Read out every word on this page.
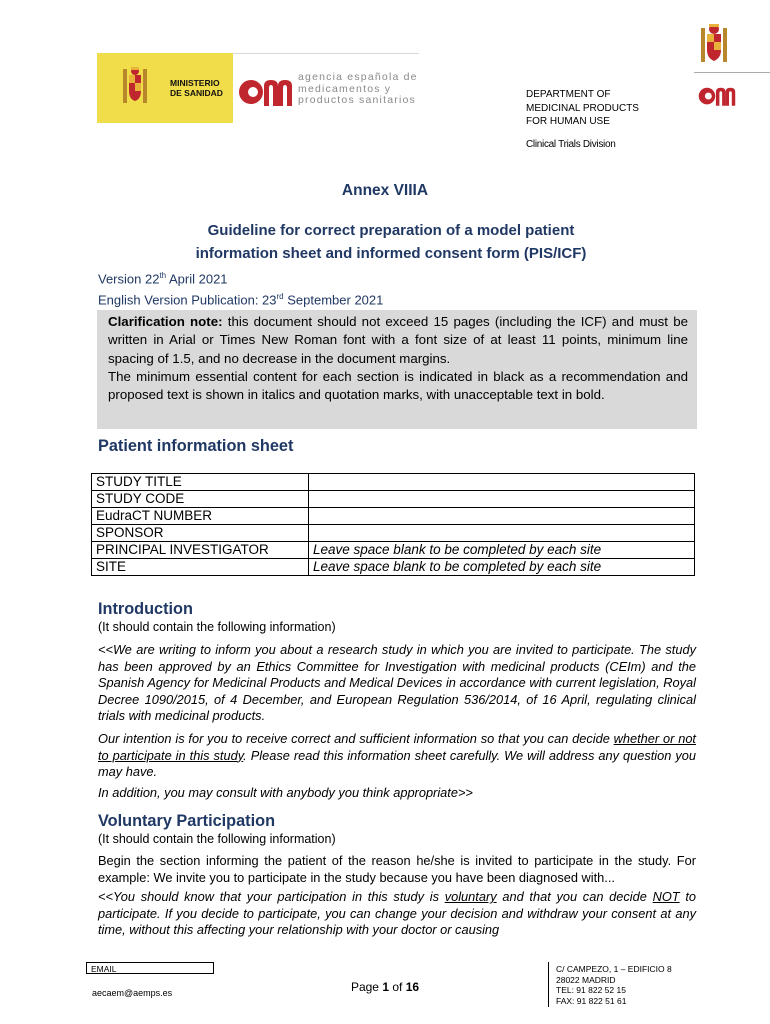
MINISTERIO
DE SANIDAD
agencia española de
medicamentos y
productos sanitarios	DEPARTMENT OF
MEDICINAL PRODUCTS
FOR HUMAN USE
Clinical Trials Division
Annex VIIIA
Guideline for correct preparation of a model patient
information sheet and informed consent form (PIS/ICF)
Version 22th April 2021
English Version Publication: 23rd September 2021

Clarification note: this document should not exceed 15 pages (including the ICF) and must be written in Arial or Times New Roman font with a font size of at least 11 points, minimum line spacing of 1.5, and no decrease in the document margins.

The minimum essential content for each section is indicated in black as a recommendation and proposed text is shown in italics and quotation marks, with unacceptable text in bold.

Patient information sheet
STUDY TITLE	
STUDY CODE	
EudraCT NUMBER	
SPONSOR	
PRINCIPAL INVESTIGATOR	Leave space blank to be completed by each site
SITE	Leave space blank to be completed by each site
Introduction
(It should contain the following information)

<<We are writing to inform you about a research study in which you are invited to participate. The study has been approved by an Ethics Committee for Investigation with medicinal products (CEIm) and the Spanish Agency for Medicinal Products and Medical Devices in accordance with current legislation, Royal Decree 1090/2015, of 4 December, and European Regulation 536/2014, of 16 April, regulating clinical trials with medicinal products.

Our intention is for you to receive correct and sufficient information so that you can decide whether or not to participate in this study. Please read this information sheet carefully. We will address any question you may have.

In addition, you may consult with anybody you think appropriate>>

Voluntary Participation
(It should contain the following information)

Begin the section informing the patient of the reason he/she is invited to participate in the study. For example: We invite you to participate in the study because you have been diagnosed with...

<<You should know that your participation in this study is voluntary and that you can decide NOT to participate. If you decide to participate, you can change your decision and withdraw your consent at any time, without this affecting your relationship with your doctor or causing

EMAIL
aecaem@aemps.es	Page 1 of 16
C/ CAMPEZO, 1 – EDIFICIO 8
28022 MADRID
TEL: 91 822 52 15
FAX: 91 822 51 61
